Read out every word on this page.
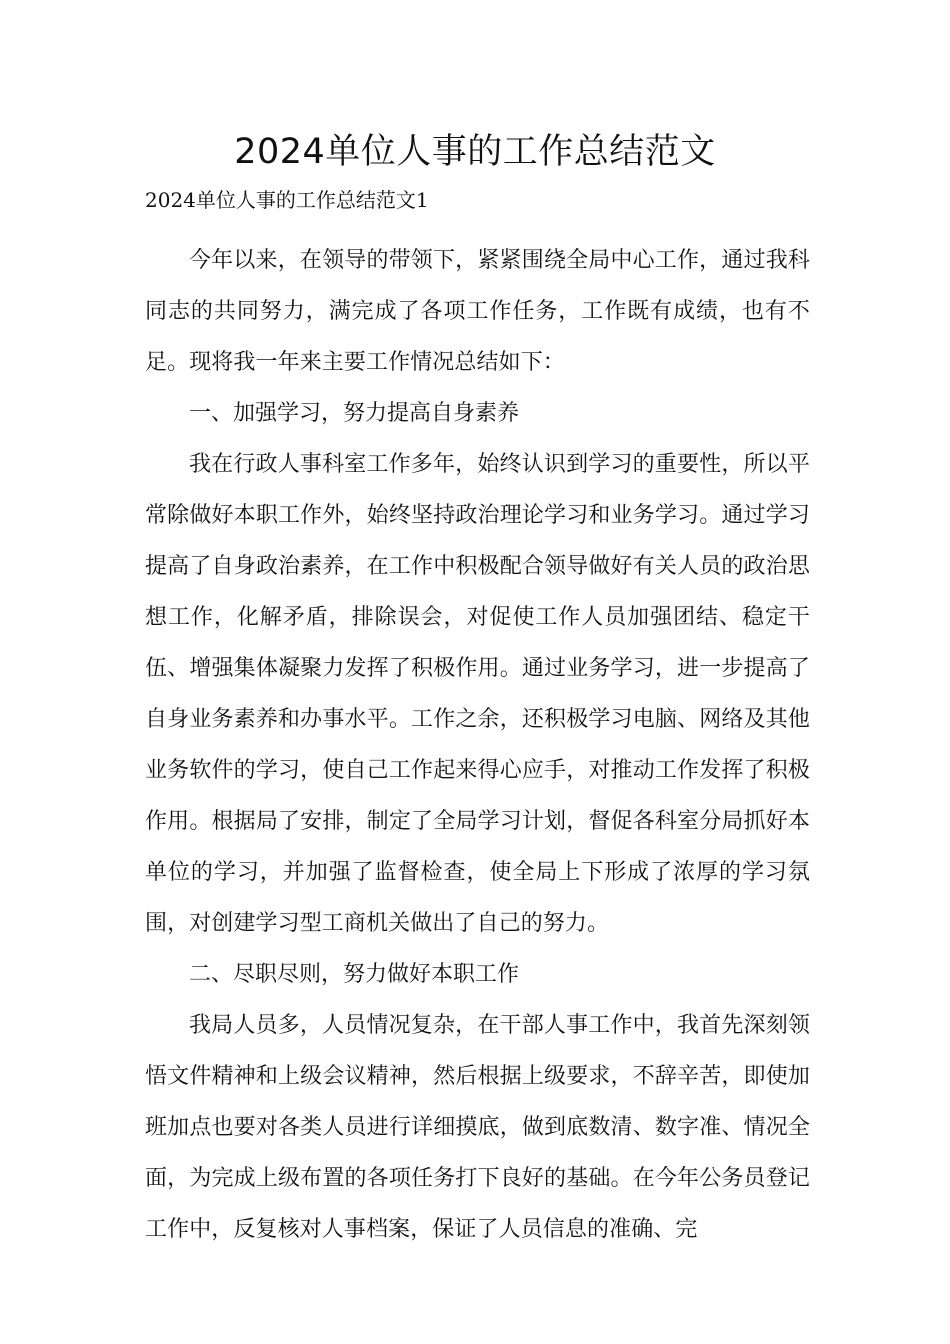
2024单位人事的工作总结范文

2024单位人事的工作总结范文1

今年以来，在领导的带领下，紧紧围绕全局中心工作，通过我科同志的共同努力，满完成了各项工作任务，工作既有成绩，也有不足。现将我一年来主要工作情况总结如下：

一、加强学习，努力提高自身素养

我在行政人事科室工作多年，始终认识到学习的重要性，所以平常除做好本职工作外，始终坚持政治理论学习和业务学习。通过学习提高了自身政治素养，在工作中积极配合领导做好有关人员的政治思想工作，化解矛盾，排除误会，对促使工作人员加强团结、稳定干伍、增强集体凝聚力发挥了积极作用。通过业务学习，进一步提高了自身业务素养和办事水平。工作之余，还积极学习电脑、网络及其他业务软件的学习，使自己工作起来得心应手，对推动工作发挥了积极作用。根据局了安排，制定了全局学习计划，督促各科室分局抓好本单位的学习，并加强了监督检查，使全局上下形成了浓厚的学习氛围，对创建学习型工商机关做出了自己的努力。

二、尽职尽则，努力做好本职工作

我局人员多，人员情况复杂，在干部人事工作中，我首先深刻领悟文件精神和上级会议精神，然后根据上级要求，不辞辛苦，即使加班加点也要对各类人员进行详细摸底，做到底数清、数字准、情况全面，为完成上级布置的各项任务打下良好的基础。在今年公务员登记工作中，反复核对人事档案，保证了人员信息的准确、完
